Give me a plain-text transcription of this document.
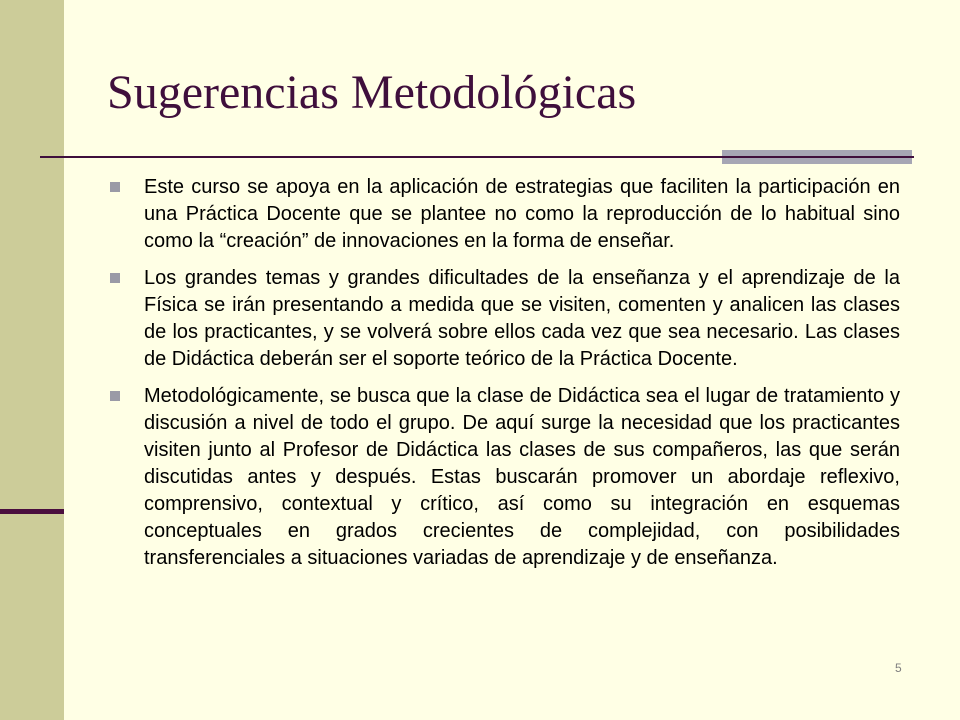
Sugerencias Metodológicas
Este curso se apoya en la aplicación de estrategias que faciliten la participación en una Práctica Docente que se plantee no como la reproducción de lo habitual sino como la “creación” de innovaciones en la forma de enseñar.
Los grandes temas y grandes dificultades de la enseñanza y el aprendizaje de la Física se irán presentando a medida que se visiten, comenten y analicen las clases de los practicantes, y se volverá sobre ellos cada vez que sea necesario. Las clases de Didáctica deberán ser el soporte teórico de la Práctica Docente.
Metodológicamente, se busca que la clase de Didáctica sea el lugar de tratamiento y discusión a nivel de todo el grupo. De aquí surge la necesidad que los practicantes visiten junto al Profesor de Didáctica las clases de sus compañeros, las que serán discutidas antes y después. Estas buscarán promover un abordaje reflexivo, comprensivo, contextual y crítico, así como su integración en esquemas conceptuales en grados crecientes de complejidad, con posibilidades transferenciales a situaciones variadas de aprendizaje y de enseñanza.
5
